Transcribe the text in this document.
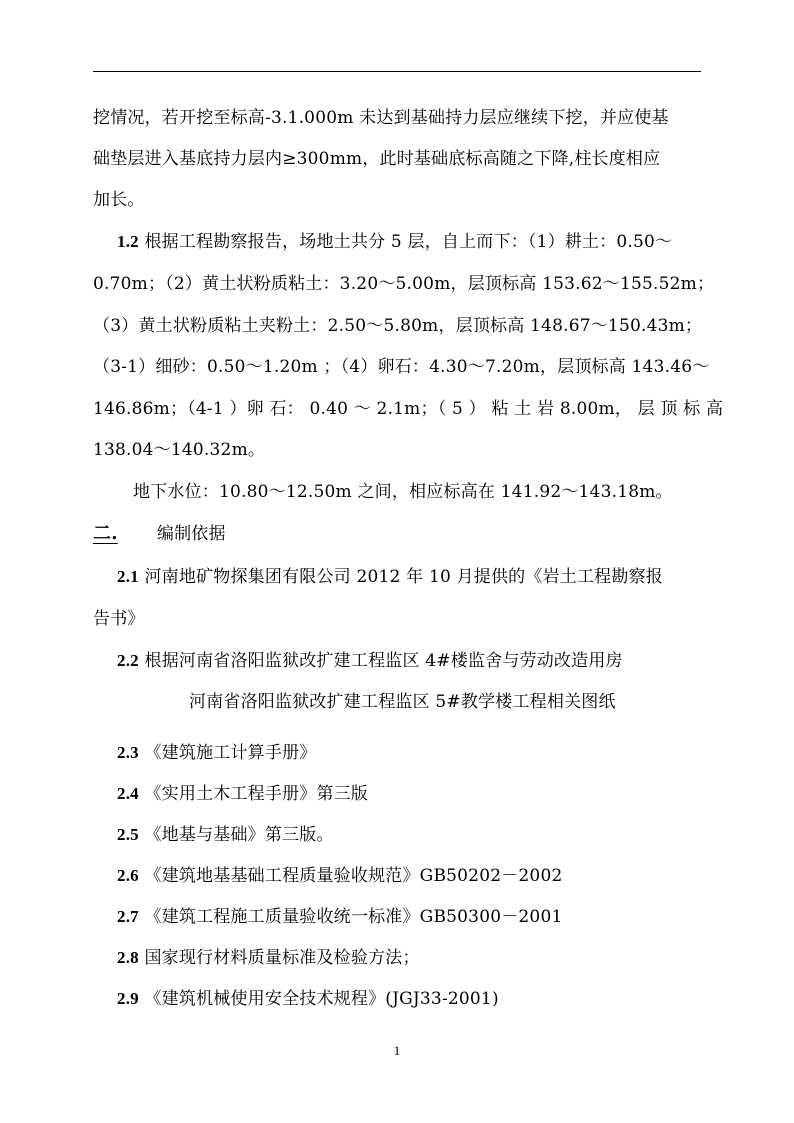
挖情况，若开挖至标高-3.1.000m 未达到基础持力层应继续下挖，并应使基
础垫层进入基底持力层内≥300mm，此时基础底标高随之下降,柱长度相应
加长。
1.2 根据工程勘察报告，场地土共分 5 层，自上而下：（1）耕土：0.50～
0.70m；（2）黄土状粉质粘土：3.20～5.00m，层顶标高 153.62～155.52m；
（3）黄土状粉质粘土夹粉土：2.50～5.80m，层顶标高 148.67～150.43m；
（3-1）细砂：0.50～1.20m ；（4）卵石：4.30～7.20m，层顶标高 143.46～
146.86m；（4-1 ）卵 石： 0.40 ～ 2.1m；（ 5 ） 粘 土 岩 8.00m， 层 顶 标 高
138.04～140.32m。
地下水位：10.80～12.50m 之间，相应标高在 141.92～143.18m。
二. 编制依据
2.1 河南地矿物探集团有限公司 2012 年 10 月提供的《岩土工程勘察报
告书》
2.2 根据河南省洛阳监狱改扩建工程监区 4#楼监舍与劳动改造用房
河南省洛阳监狱改扩建工程监区 5#教学楼工程相关图纸
2.3 《建筑施工计算手册》
2.4 《实用土木工程手册》第三版
2.5 《地基与基础》第三版。
2.6 《建筑地基基础工程质量验收规范》GB50202－2002
2.7 《建筑工程施工质量验收统一标准》GB50300－2001
2.8 国家现行材料质量标准及检验方法；
2.9 《建筑机械使用安全技术规程》(JGJ33-2001)
1
